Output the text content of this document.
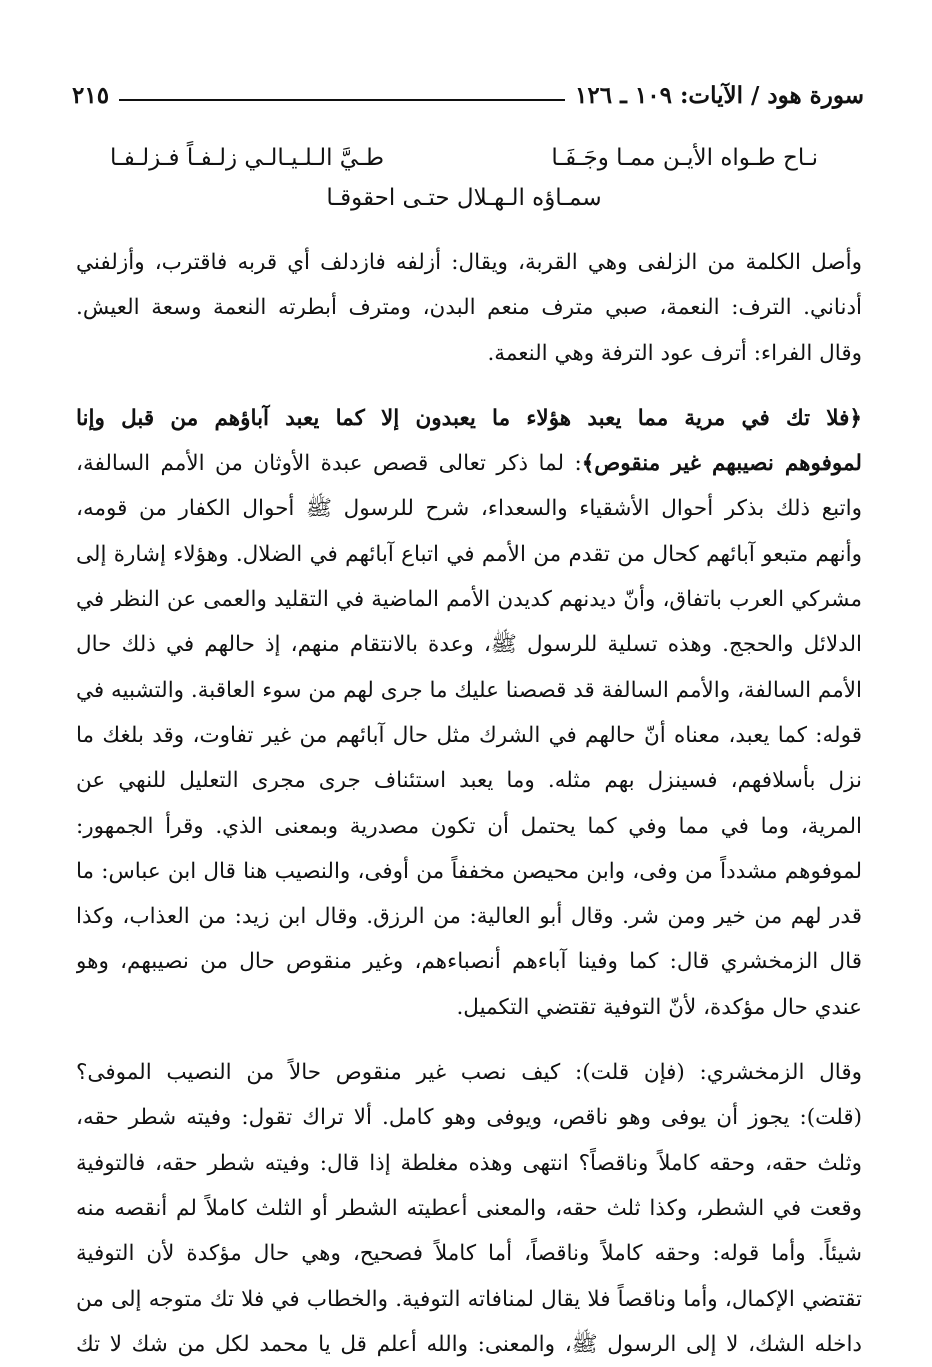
سورة هود / الآيات: ١٠٩ ـ ١٢٦
٢١٥
نـاح طـواه الأيـن ممـا وجَـفَـا
طـيَّ الـلـيـالـي زلـفـاً فـزلـفـا
سمـاؤه الـهـلال حتـى احقوقـا
وأصل الكلمة من الزلفى وهي القربة، ويقال: أزلفه فازدلف أي قربه فاقترب، وأزلفني
أدناني. الترف: النعمة، صبي مترف منعم البدن، ومترف أبطرته النعمة وسعة العيش.
وقال الفراء: أترف عود الترفة وهي النعمة.
﴿فلا تك في مرية مما يعبد هؤلاء ما يعبدون إلا كما يعبد آباؤهم من قبل وإنا
لموفوهم نصيبهم غير منقوص﴾: لما ذكر تعالى قصص عبدة الأوثان من الأمم السالفة،
واتبع ذلك بذكر أحوال الأشقياء والسعداء، شرح للرسول ﷺ أحوال الكفار من قومه،
وأنهم متبعو آبائهم كحال من تقدم من الأمم في اتباع آبائهم في الضلال. وهؤلاء إشارة إلى
مشركي العرب باتفاق، وأنّ ديدنهم كديدن الأمم الماضية في التقليد والعمى عن النظر في
الدلائل والحجج. وهذه تسلية للرسول ﷺ، وعدة بالانتقام منهم، إذ حالهم في ذلك حال
الأمم السالفة، والأمم السالفة قد قصصنا عليك ما جرى لهم من سوء العاقبة. والتشبيه في
قوله: كما يعبد، معناه أنّ حالهم في الشرك مثل حال آبائهم من غير تفاوت، وقد بلغك ما
نزل بأسلافهم، فسينزل بهم مثله. وما يعبد استئناف جرى مجرى التعليل للنهي عن
المرية، وما في مما وفي كما يحتمل أن تكون مصدرية وبمعنى الذي. وقرأ الجمهور:
لموفوهم مشدداً من وفى، وابن محيصن مخففاً من أوفى، والنصيب هنا قال ابن عباس: ما
قدر لهم من خير ومن شر. وقال أبو العالية: من الرزق. وقال ابن زيد: من العذاب، وكذا
قال الزمخشري قال: كما وفينا آباءهم أنصباءهم، وغير منقوص حال من نصيبهم، وهو
عندي حال مؤكدة، لأنّ التوفية تقتضي التكميل.
وقال الزمخشري: (فإن قلت): كيف نصب غير منقوص حالاً من النصيب الموفى؟
(قلت): يجوز أن يوفى وهو ناقص، ويوفى وهو كامل. ألا تراك تقول: وفيته شطر حقه،
وثلث حقه، وحقه كاملاً وناقصاً؟ انتهى وهذه مغلطة إذا قال: وفيته شطر حقه، فالتوفية
وقعت في الشطر، وكذا ثلث حقه، والمعنى أعطيته الشطر أو الثلث كاملاً لم أنقصه منه
شيئاً. وأما قوله: وحقه كاملاً وناقصاً، أما كاملاً فصحيح، وهي حال مؤكدة لأن التوفية
تقتضي الإكمال، وأما وناقصاً فلا يقال لمنافاته التوفية. والخطاب في فلا تك متوجه إلى من
داخله الشك، لا إلى الرسول ﷺ، والمعنى: والله أعلم قل يا محمد لكل من شك لا تك
